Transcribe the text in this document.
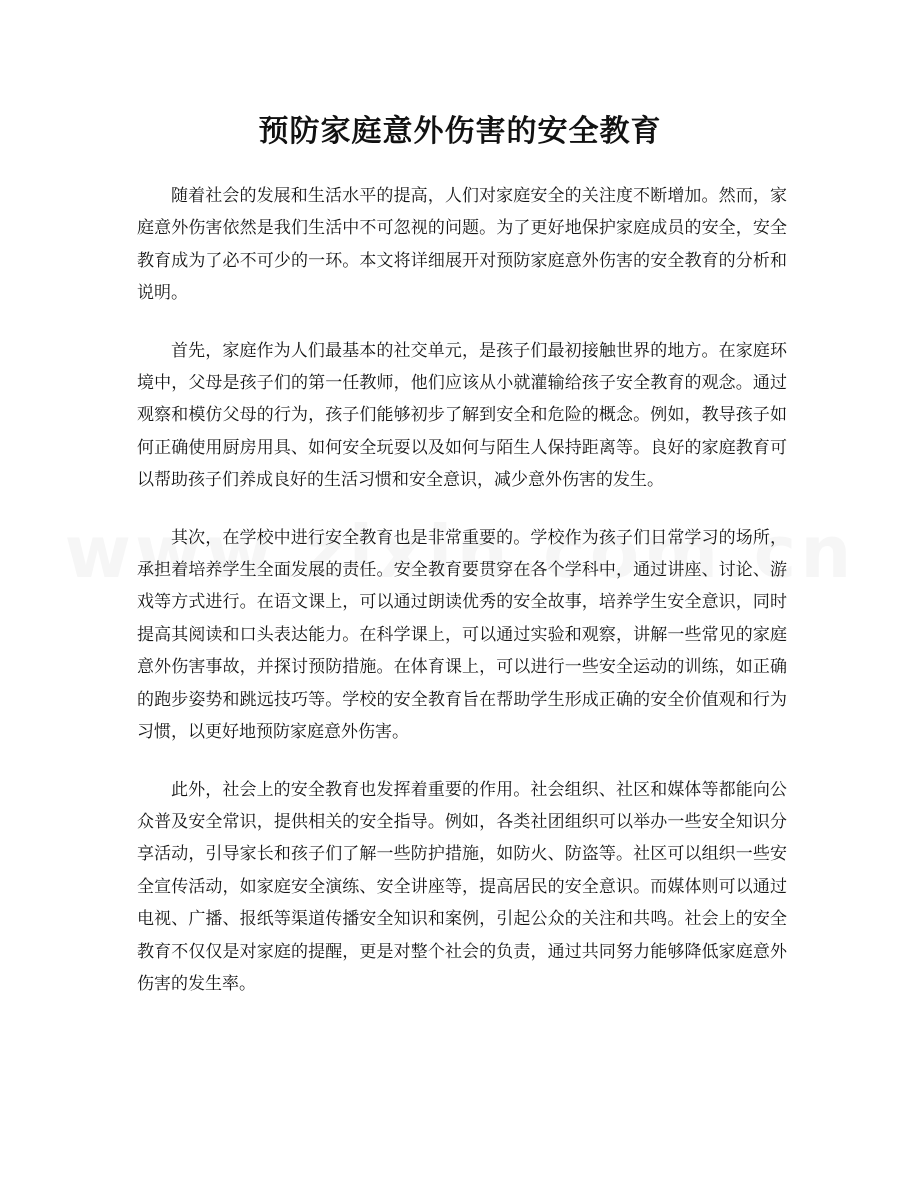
预防家庭意外伤害的安全教育

随着社会的发展和生活水平的提高，人们对家庭安全的关注度不断增加。然而，家庭意外伤害依然是我们生活中不可忽视的问题。为了更好地保护家庭成员的安全，安全教育成为了必不可少的一环。本文将详细展开对预防家庭意外伤害的安全教育的分析和说明。

首先，家庭作为人们最基本的社交单元，是孩子们最初接触世界的地方。在家庭环境中，父母是孩子们的第一任教师，他们应该从小就灌输给孩子安全教育的观念。通过观察和模仿父母的行为，孩子们能够初步了解到安全和危险的概念。例如，教导孩子如何正确使用厨房用具、如何安全玩耍以及如何与陌生人保持距离等。良好的家庭教育可以帮助孩子们养成良好的生活习惯和安全意识，减少意外伤害的发生。

其次，在学校中进行安全教育也是非常重要的。学校作为孩子们日常学习的场所，承担着培养学生全面发展的责任。安全教育要贯穿在各个学科中，通过讲座、讨论、游戏等方式进行。在语文课上，可以通过朗读优秀的安全故事，培养学生安全意识，同时提高其阅读和口头表达能力。在科学课上，可以通过实验和观察，讲解一些常见的家庭意外伤害事故，并探讨预防措施。在体育课上，可以进行一些安全运动的训练，如正确的跑步姿势和跳远技巧等。学校的安全教育旨在帮助学生形成正确的安全价值观和行为习惯，以更好地预防家庭意外伤害。

此外，社会上的安全教育也发挥着重要的作用。社会组织、社区和媒体等都能向公众普及安全常识，提供相关的安全指导。例如，各类社团组织可以举办一些安全知识分享活动，引导家长和孩子们了解一些防护措施，如防火、防盗等。社区可以组织一些安全宣传活动，如家庭安全演练、安全讲座等，提高居民的安全意识。而媒体则可以通过电视、广播、报纸等渠道传播安全知识和案例，引起公众的关注和共鸣。社会上的安全教育不仅仅是对家庭的提醒，更是对整个社会的负责，通过共同努力能够降低家庭意外伤害的发生率。
